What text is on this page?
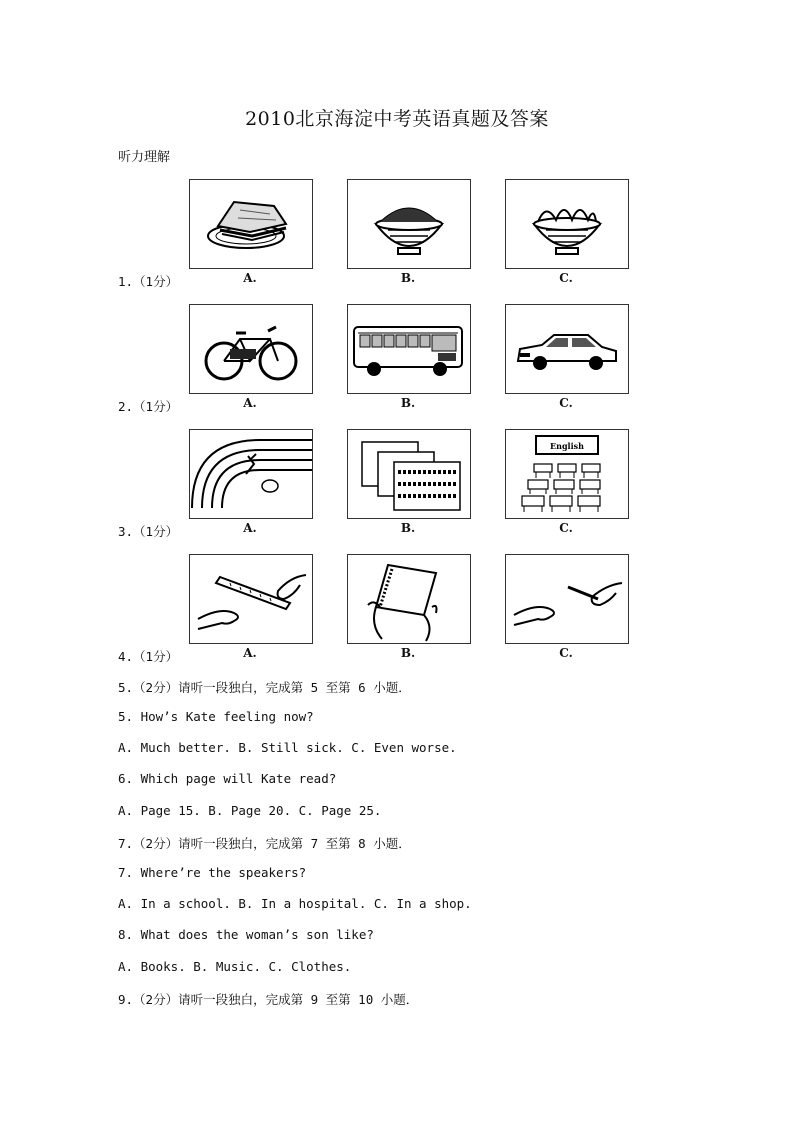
2010北京海淀中考英语真题及答案
听力理解
A.	B.	C.
1.（1分）
A.	B.	C.
2.（1分）
English
A.	B.	C.
3.（1分）
A.	B.	C.
4.（1分）
5.（2分）请听一段独白，完成第 5 至第 6 小题．
5. How’s Kate feeling now?
A. Much better. B. Still sick. C. Even worse.
6. Which page will Kate read?
A. Page 15. B. Page 20. C. Page 25.
7.（2分）请听一段独白，完成第 7 至第 8 小题．
7. Where’re the speakers?
A. In a school. B. In a hospital. C. In a shop.
8. What does the woman’s son like?
A. Books. B. Music. C. Clothes.
9.（2分）请听一段独白，完成第 9 至第 10 小题．
